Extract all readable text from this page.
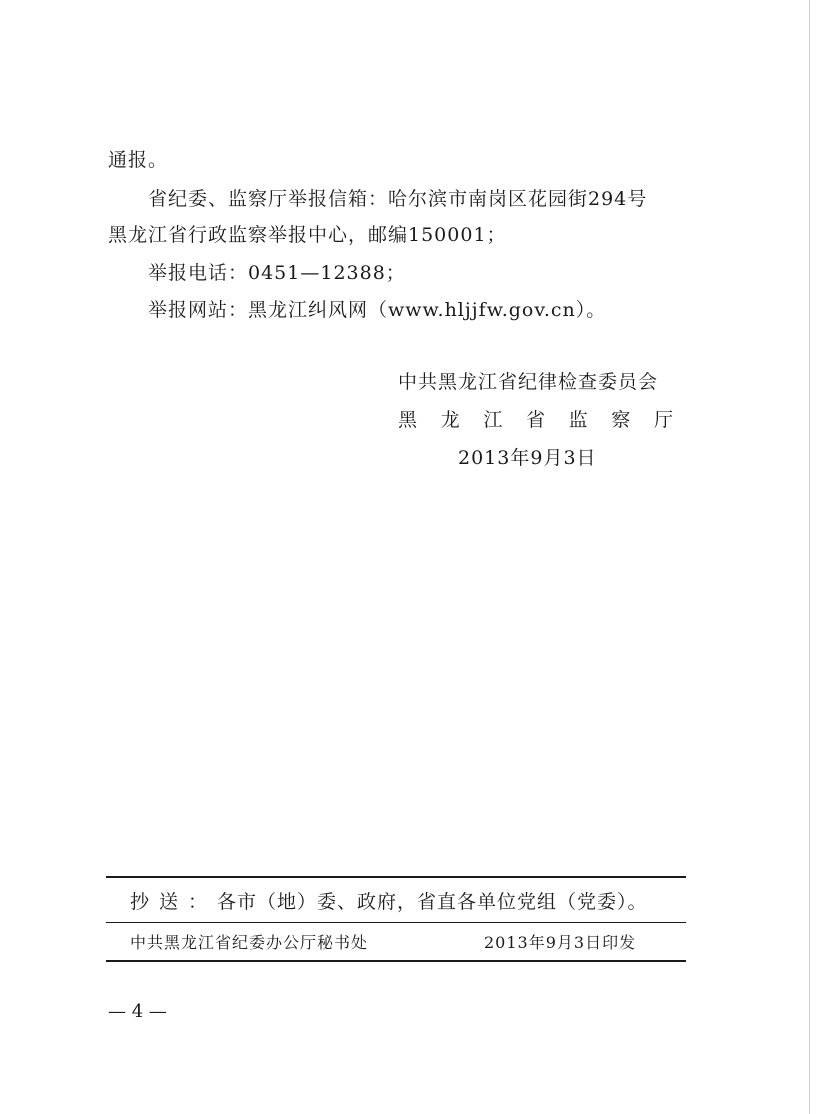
通报。
省纪委、监察厅举报信箱：哈尔滨市南岗区花园街294号
黑龙江省行政监察举报中心，邮编150001；
举报电话：0451—12388；
举报网站：黑龙江纠风网（www.hljjfw.gov.cn）。
中共黑龙江省纪律检查委员会
黑 龙 江 省 监 察 厅
2013年9月3日
抄送：各市（地）委、政府，省直各单位党组（党委）。
中共黑龙江省纪委办公厅秘书处	2013年9月3日印发
— 4 —
